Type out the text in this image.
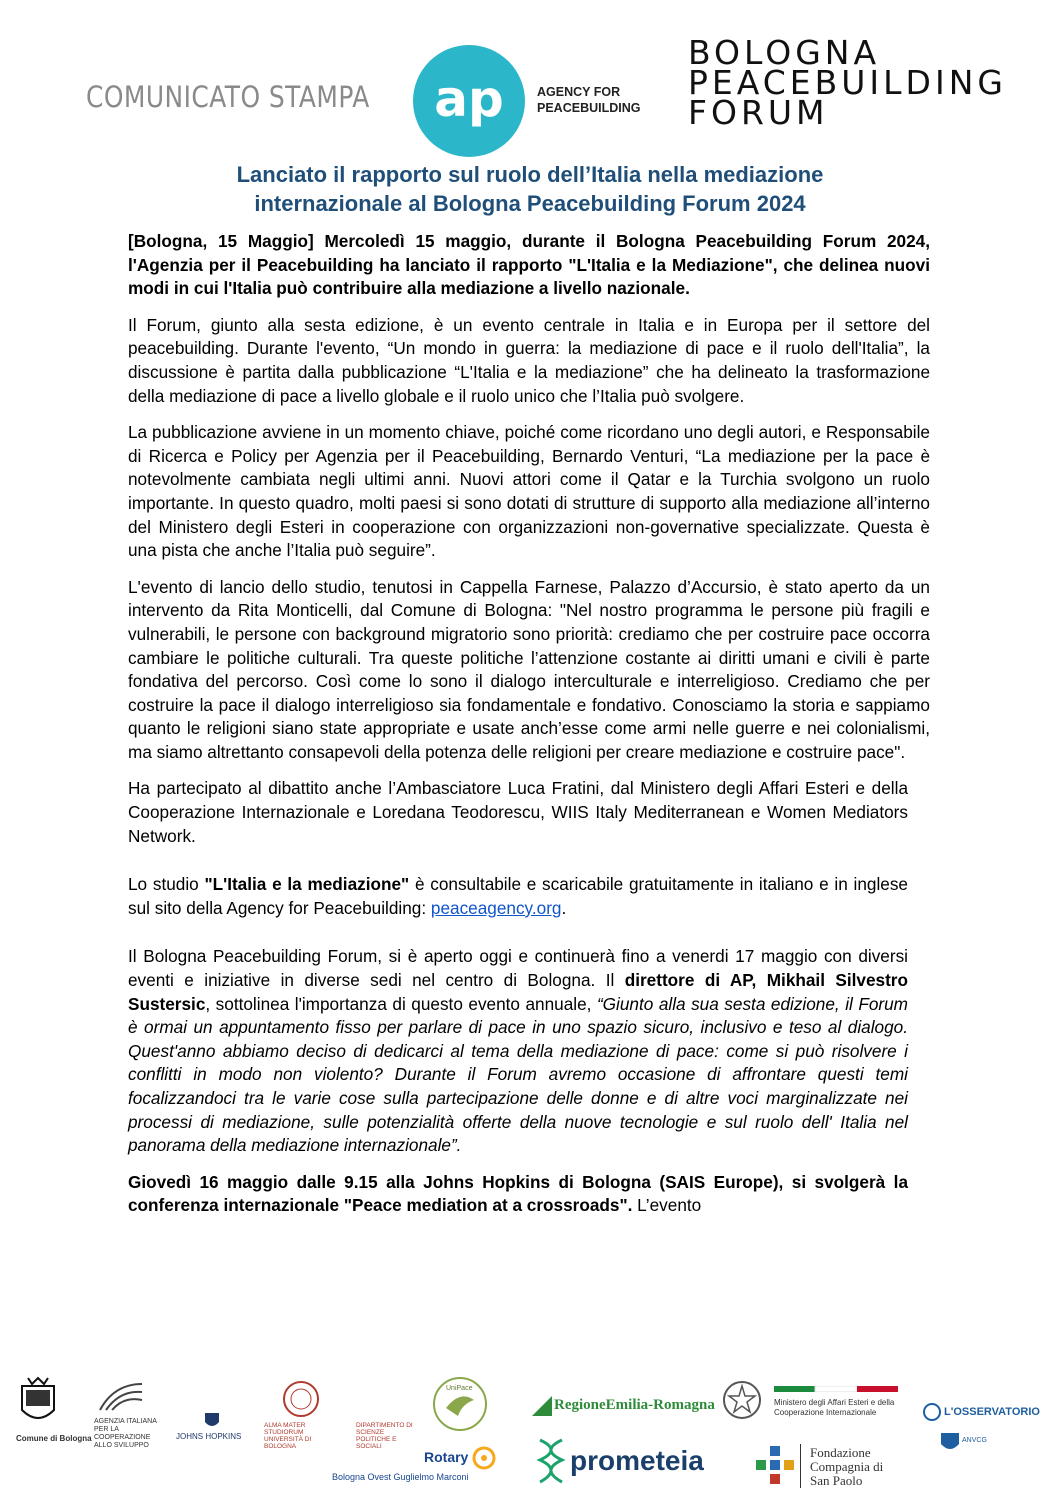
COMUNICATO STAMPA ap	AGENCY FOR
PEACEBUILDING
BOLOGNA
PEACEBUILDING
FORUM
Lanciato il rapporto sul ruolo dell’Italia nella mediazione
internazionale al Bologna Peacebuilding Forum 2024

[Bologna, 15 Maggio] Mercoledì 15 maggio, durante il Bologna Peacebuilding Forum 2024, l'Agenzia per il Peacebuilding ha lanciato il rapporto "L'Italia e la Mediazione", che delinea nuovi modi in cui l'Italia può contribuire alla mediazione a livello nazionale.

Il Forum, giunto alla sesta edizione, è un evento centrale in Italia e in Europa per il settore del peacebuilding. Durante l'evento, “Un mondo in guerra: la mediazione di pace e il ruolo dell'Italia”, la discussione è partita dalla pubblicazione “L'Italia e la mediazione” che ha delineato la trasformazione della mediazione di pace a livello globale e il ruolo unico che l’Italia può svolgere.

La pubblicazione avviene in un momento chiave, poiché come ricordano uno degli autori, e Responsabile di Ricerca e Policy per Agenzia per il Peacebuilding, Bernardo Venturi, “La mediazione per la pace è notevolmente cambiata negli ultimi anni. Nuovi attori come il Qatar e la Turchia svolgono un ruolo importante. In questo quadro, molti paesi si sono dotati di strutture di supporto alla mediazione all’interno del Ministero degli Esteri in cooperazione con organizzazioni non-governative specializzate. Questa è una pista che anche l’Italia può seguire”.

L'evento di lancio dello studio, tenutosi in Cappella Farnese, Palazzo d’Accursio, è stato aperto da un intervento da Rita Monticelli, dal Comune di Bologna: "Nel nostro programma le persone più fragili e vulnerabili, le persone con background migratorio sono priorità: crediamo che per costruire pace occorra cambiare le politiche culturali. Tra queste politiche l’attenzione costante ai diritti umani e civili è parte fondativa del percorso. Così come lo sono il dialogo interculturale e interreligioso. Crediamo che per costruire la pace il dialogo interreligioso sia fondamentale e fondativo. Conosciamo la storia e sappiamo quanto le religioni siano state appropriate e usate anch’esse come armi nelle guerre e nei colonialismi, ma siamo altrettanto consapevoli della potenza delle religioni per creare mediazione e costruire pace".

Ha partecipato al dibattito anche l’Ambasciatore Luca Fratini, dal Ministero degli Affari Esteri e della Cooperazione Internazionale e Loredana Teodorescu, WIIS Italy Mediterranean e Women Mediators Network.

Lo studio "L'Italia e la mediazione" è consultabile e scaricabile gratuitamente in italiano e in inglese sul sito della Agency for Peacebuilding: peaceagency.org.

Il Bologna Peacebuilding Forum, si è aperto oggi e continuerà fino a venerdi 17 maggio con diversi eventi e iniziative in diverse sedi nel centro di Bologna. Il direttore di AP, Mikhail Silvestro Sustersic, sottolinea l'importanza di questo evento annuale, “Giunto alla sua sesta edizione, il Forum è ormai un appuntamento fisso per parlare di pace in uno spazio sicuro, inclusivo e teso al dialogo. Quest'anno abbiamo deciso di dedicarci al tema della mediazione di pace: come si può risolvere i conflitti in modo non violento? Durante il Forum avremo occasione di affrontare questi temi focalizzandoci tra le varie cose sulla partecipazione delle donne e di altre voci marginalizzate nei processi di mediazione, sulle potenzialità offerte della nuove tecnologie e sul ruolo dell' Italia nel panorama della mediazione internazionale”.

Giovedì 16 maggio dalle 9.15 alla Johns Hopkins di Bologna (SAIS Europe), si svolgerà la conferenza internazionale "Peace mediation at a crossroads". L’evento

Comune di Bologna
AGENZIA ITALIANA PER LA COOPERAZIONE ALLO SVILUPPO
JOHNS HOPKINS
ALMA MATER STUDIORUM UNIVERSITÀ DI BOLOGNA
DIPARTIMENTO DI SCIENZE POLITICHE E SOCIALI
UniPace
Rotary
Bologna Ovest Guglielmo Marconi
RegioneEmilia-Romagna
prometeia
Ministero degli Affari Esteri e della Cooperazione Internazionale
Fondazione Compagnia di San Paolo
L'OSSERVATORIO
ANVCG
